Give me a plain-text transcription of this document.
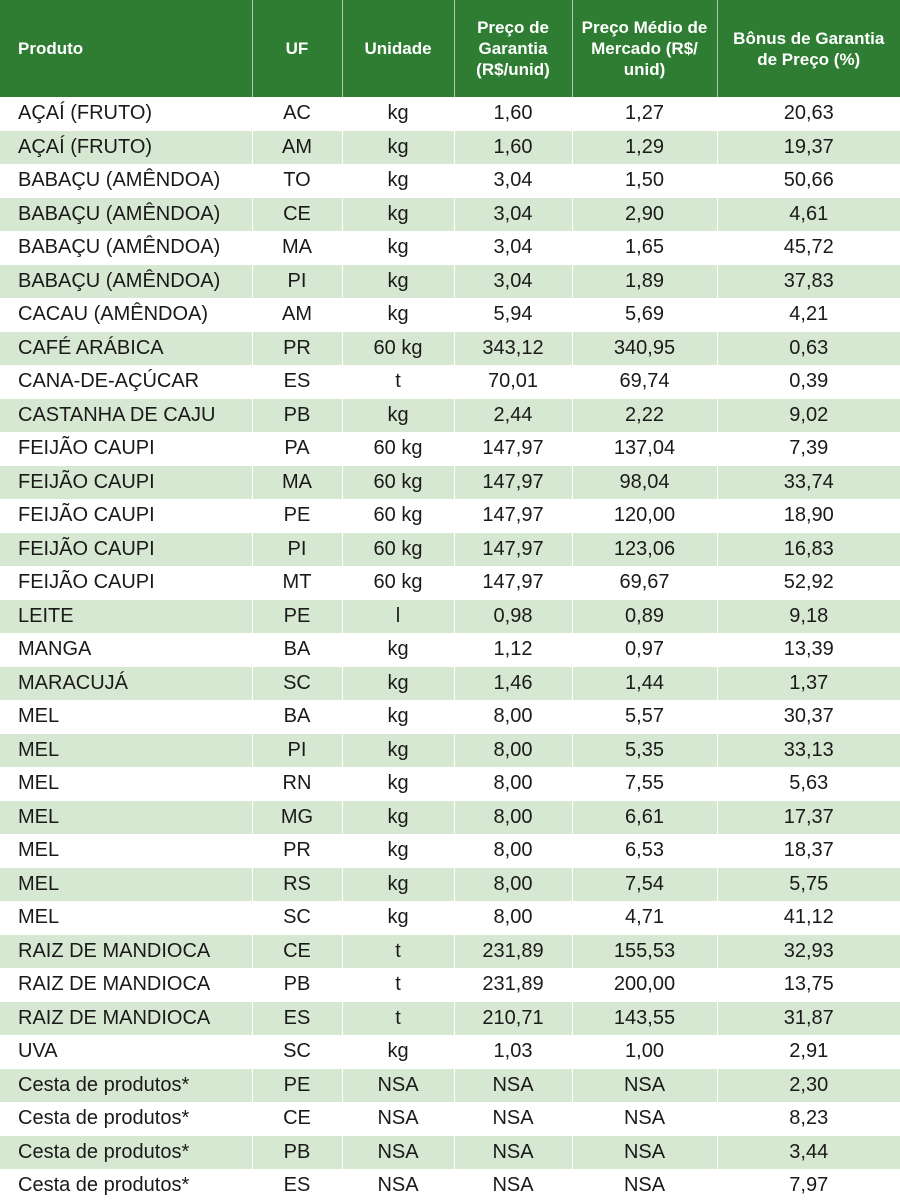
Produto	UF	Unidade	Preço de Garantia (R$/unid)	Preço Médio de Mercado (R$/ unid)	Bônus de Garantia de Preço (%)
AÇAÍ (FRUTO)	AC	kg	1,60	1,27	20,63
AÇAÍ (FRUTO)	AM	kg	1,60	1,29	19,37
BABAÇU (AMÊNDOA)	TO	kg	3,04	1,50	50,66
BABAÇU (AMÊNDOA)	CE	kg	3,04	2,90	4,61
BABAÇU (AMÊNDOA)	MA	kg	3,04	1,65	45,72
BABAÇU (AMÊNDOA)	PI	kg	3,04	1,89	37,83
CACAU (AMÊNDOA)	AM	kg	5,94	5,69	4,21
CAFÉ ARÁBICA	PR	60 kg	343,12	340,95	0,63
CANA-DE-AÇÚCAR	ES	t	70,01	69,74	0,39
CASTANHA DE CAJU	PB	kg	2,44	2,22	9,02
FEIJÃO CAUPI	PA	60 kg	147,97	137,04	7,39
FEIJÃO CAUPI	MA	60 kg	147,97	98,04	33,74
FEIJÃO CAUPI	PE	60 kg	147,97	120,00	18,90
FEIJÃO CAUPI	PI	60 kg	147,97	123,06	16,83
FEIJÃO CAUPI	MT	60 kg	147,97	69,67	52,92
LEITE	PE	l	0,98	0,89	9,18
MANGA	BA	kg	1,12	0,97	13,39
MARACUJÁ	SC	kg	1,46	1,44	1,37
MEL	BA	kg	8,00	5,57	30,37
MEL	PI	kg	8,00	5,35	33,13
MEL	RN	kg	8,00	7,55	5,63
MEL	MG	kg	8,00	6,61	17,37
MEL	PR	kg	8,00	6,53	18,37
MEL	RS	kg	8,00	7,54	5,75
MEL	SC	kg	8,00	4,71	41,12
RAIZ DE MANDIOCA	CE	t	231,89	155,53	32,93
RAIZ DE MANDIOCA	PB	t	231,89	200,00	13,75
RAIZ DE MANDIOCA	ES	t	210,71	143,55	31,87
UVA	SC	kg	1,03	1,00	2,91
Cesta de produtos*	PE	NSA	NSA	NSA	2,30
Cesta de produtos*	CE	NSA	NSA	NSA	8,23
Cesta de produtos*	PB	NSA	NSA	NSA	3,44
Cesta de produtos*	ES	NSA	NSA	NSA	7,97
